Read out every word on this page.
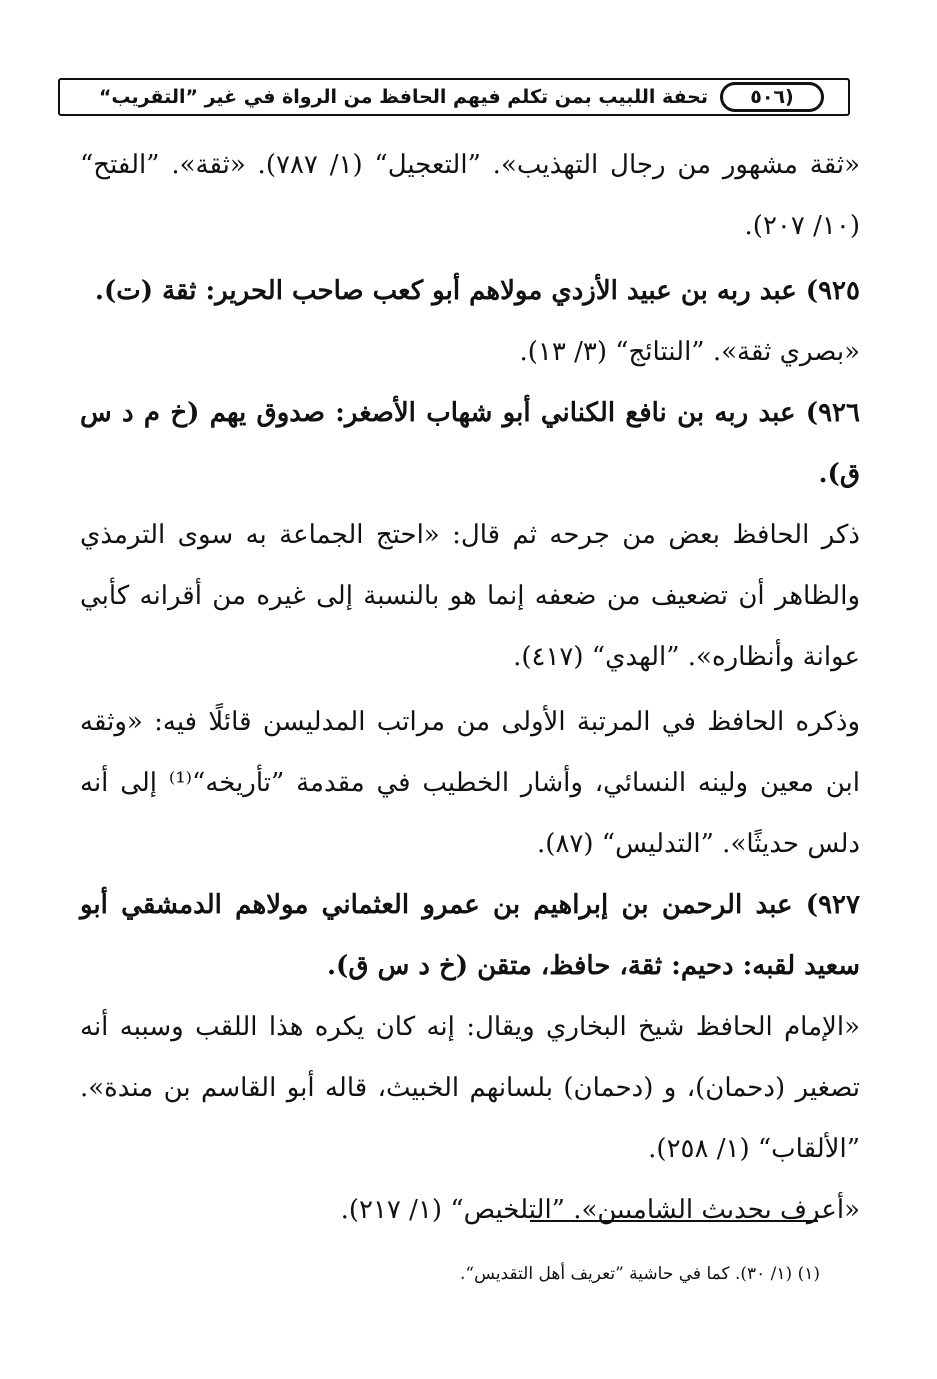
(٥٠٦
تحفة اللبيب بمن تكلم فيهم الحافظ من الرواة في غير ”التقريب“

«ثقة مشهور من رجال التهذيب». ”التعجيل“ (١/ ٧٨٧). «ثقة». ”الفتح“ (١٠/ ٢٠٧).

٩٢٥) عبد ربه بن عبيد الأزدي مولاهم أبو كعب صاحب الحرير: ثقة (ت).

«بصري ثقة». ”النتائج“ (٣/ ١٣).

٩٢٦) عبد ربه بن نافع الكناني أبو شهاب الأصغر: صدوق يهم (خ م د س ق).

ذكر الحافظ بعض من جرحه ثم قال: «احتج الجماعة به سوى الترمذي والظاهر أن تضعيف من ضعفه إنما هو بالنسبة إلى غيره من أقرانه كأبي عوانة وأنظاره». ”الهدي“ (٤١٧).

وذكره الحافظ في المرتبة الأولى من مراتب المدليسن قائلًا فيه: «وثقه ابن معين ولينه النسائي، وأشار الخطيب في مقدمة ”تأريخه“⁽¹⁾ إلى أنه دلس حديثًا». ”التدليس“ (٨٧).

٩٢٧) عبد الرحمن بن إبراهيم بن عمرو العثماني مولاهم الدمشقي أبو سعيد لقبه: دحيم: ثقة، حافظ، متقن (خ د س ق).

«الإمام الحافظ شيخ البخاري ويقال: إنه كان يكره هذا اللقب وسببه أنه تصغير (دحمان)، و (دحمان) بلسانهم الخبيث، قاله أبو القاسم بن مندة». ”الألقاب“ (١/ ٢٥٨).

«أعرف بحديث الشاميين». ”التلخيص“ (١/ ٢١٧).

(١) (١/ ٣٠). كما في حاشية ”تعريف أهل التقديس“.
